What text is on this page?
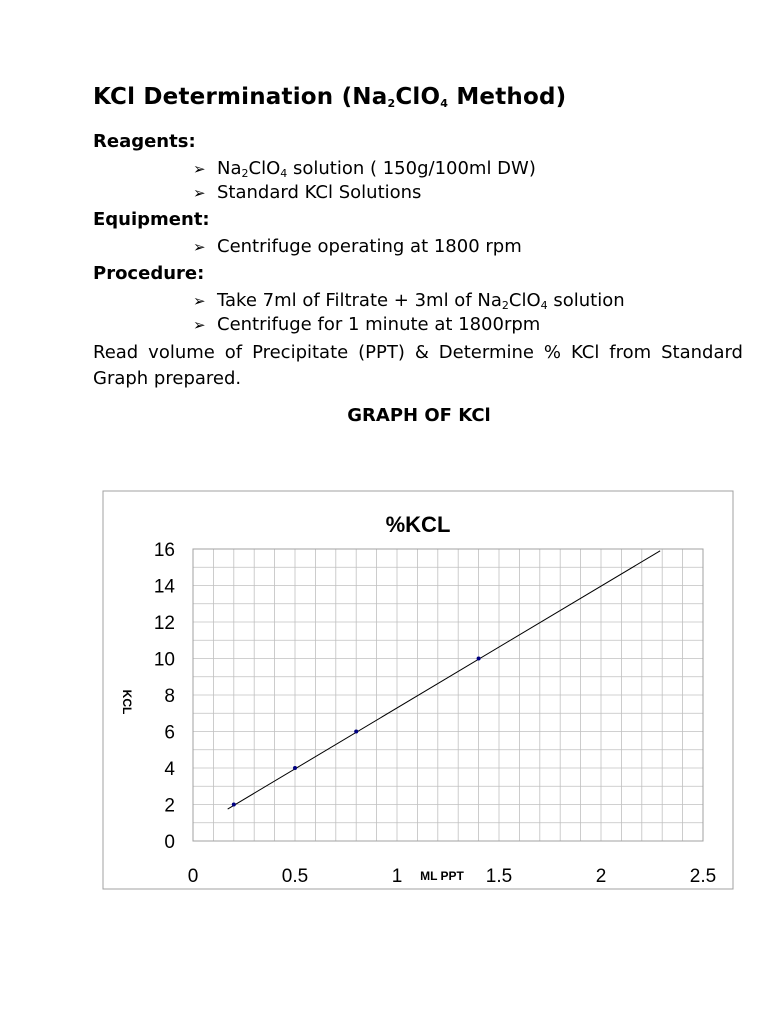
KCl Determination ($Na_2ClO_4$ Method)
Reagents:
➢ $Na_2ClO_4$ solution ( 150g/100ml DW)
➢ Standard KCl Solutions
Equipment:
➢ Centrifuge operating at 1800 rpm
Procedure:
➢ Take 7ml of Filtrate + 3ml of $Na_2ClO_4$ solution
➢ Centrifuge for 1 minute at 1800rpm
Read volume of Precipitate (PPT) & Determine % KCl from Standard Graph prepared.
GRAPH OF KCl
%KCL
0
2
4
6
8
10
12
14
16
0	0.5	1	1.5	2	2.5
ML PPT
KCL
